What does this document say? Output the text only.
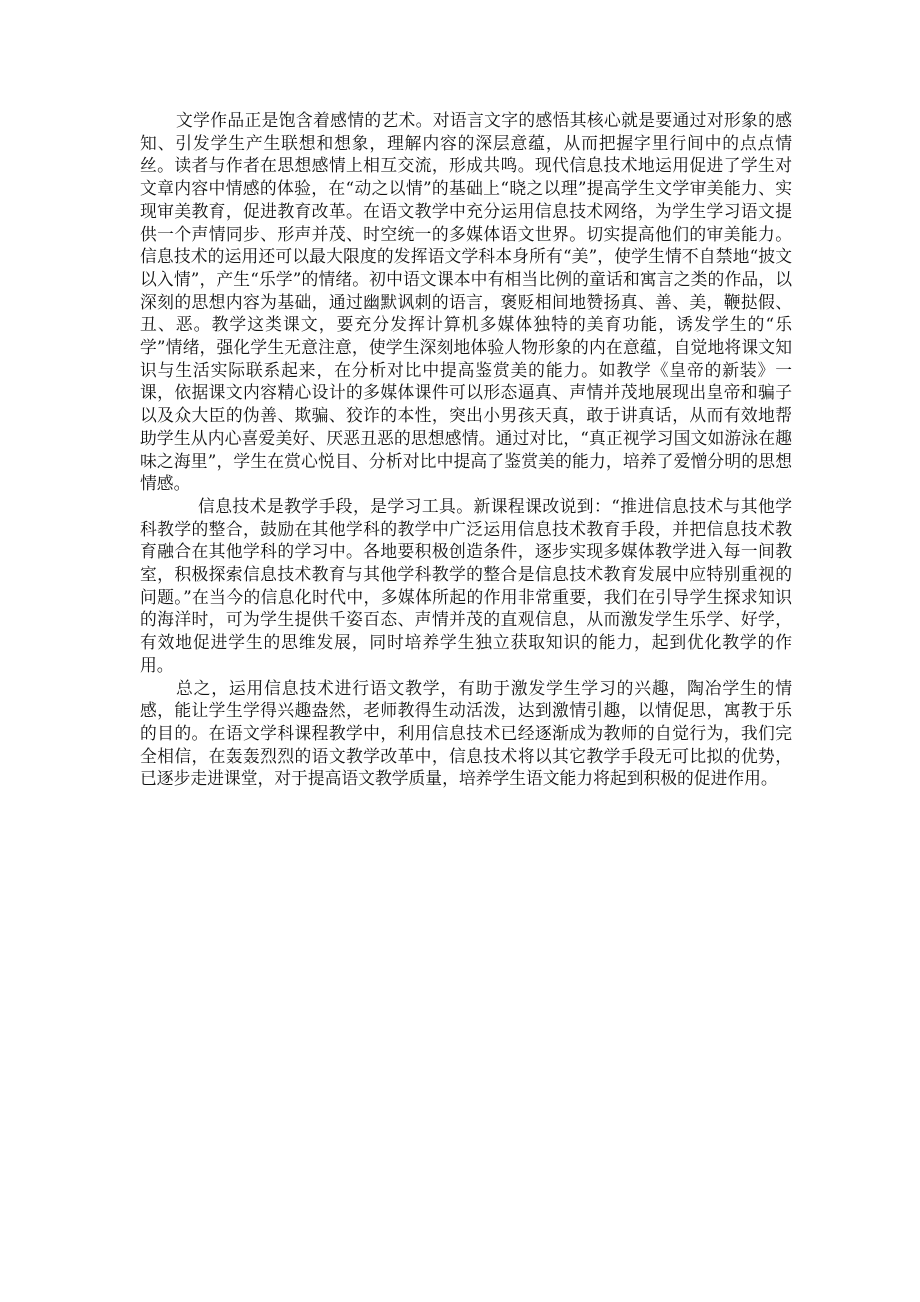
文学作品正是饱含着感情的艺术。对语言文字的感悟其核心就是要通过对形象的感知、引发学生产生联想和想象，理解内容的深层意蕴，从而把握字里行间中的点点情丝。读者与作者在思想感情上相互交流，形成共鸣。现代信息技术地运用促进了学生对文章内容中情感的体验，在“动之以情”的基础上“晓之以理”提高学生文学审美能力、实现审美教育，促进教育改革。在语文教学中充分运用信息技术网络，为学生学习语文提供一个声情同步、形声并茂、时空统一的多媒体语文世界。切实提高他们的审美能力。信息技术的运用还可以最大限度的发挥语文学科本身所有“美”，使学生情不自禁地“披文以入情”，产生“乐学”的情绪。初中语文课本中有相当比例的童话和寓言之类的作品，以深刻的思想内容为基础，通过幽默讽刺的语言，褒贬相间地赞扬真、善、美，鞭挞假、丑、恶。教学这类课文，要充分发挥计算机多媒体独特的美育功能，诱发学生的“乐学”情绪，强化学生无意注意，使学生深刻地体验人物形象的内在意蕴，自觉地将课文知识与生活实际联系起来，在分析对比中提高鉴赏美的能力。如教学《皇帝的新装》一课，依据课文内容精心设计的多媒体课件可以形态逼真、声情并茂地展现出皇帝和骗子以及众大臣的伪善、欺骗、狡诈的本性，突出小男孩天真，敢于讲真话，从而有效地帮助学生从内心喜爱美好、厌恶丑恶的思想感情。通过对比，“真正视学习国文如游泳在趣味之海里”，学生在赏心悦目、分析对比中提高了鉴赏美的能力，培养了爱憎分明的思想情感。

信息技术是教学手段，是学习工具。新课程课改说到：“推进信息技术与其他学科教学的整合，鼓励在其他学科的教学中广泛运用信息技术教育手段，并把信息技术教育融合在其他学科的学习中。各地要积极创造条件，逐步实现多媒体教学进入每一间教室，积极探索信息技术教育与其他学科教学的整合是信息技术教育发展中应特别重视的问题。”在当今的信息化时代中，多媒体所起的作用非常重要，我们在引导学生探求知识的海洋时，可为学生提供千姿百态、声情并茂的直观信息，从而激发学生乐学、好学，有效地促进学生的思维发展，同时培养学生独立获取知识的能力，起到优化教学的作用。

总之，运用信息技术进行语文教学，有助于激发学生学习的兴趣，陶冶学生的情感，能让学生学得兴趣盎然，老师教得生动活泼，达到激情引趣，以情促思，寓教于乐的目的。在语文学科课程教学中，利用信息技术已经逐渐成为教师的自觉行为，我们完全相信，在轰轰烈烈的语文教学改革中，信息技术将以其它教学手段无可比拟的优势，已逐步走进课堂，对于提高语文教学质量，培养学生语文能力将起到积极的促进作用。
